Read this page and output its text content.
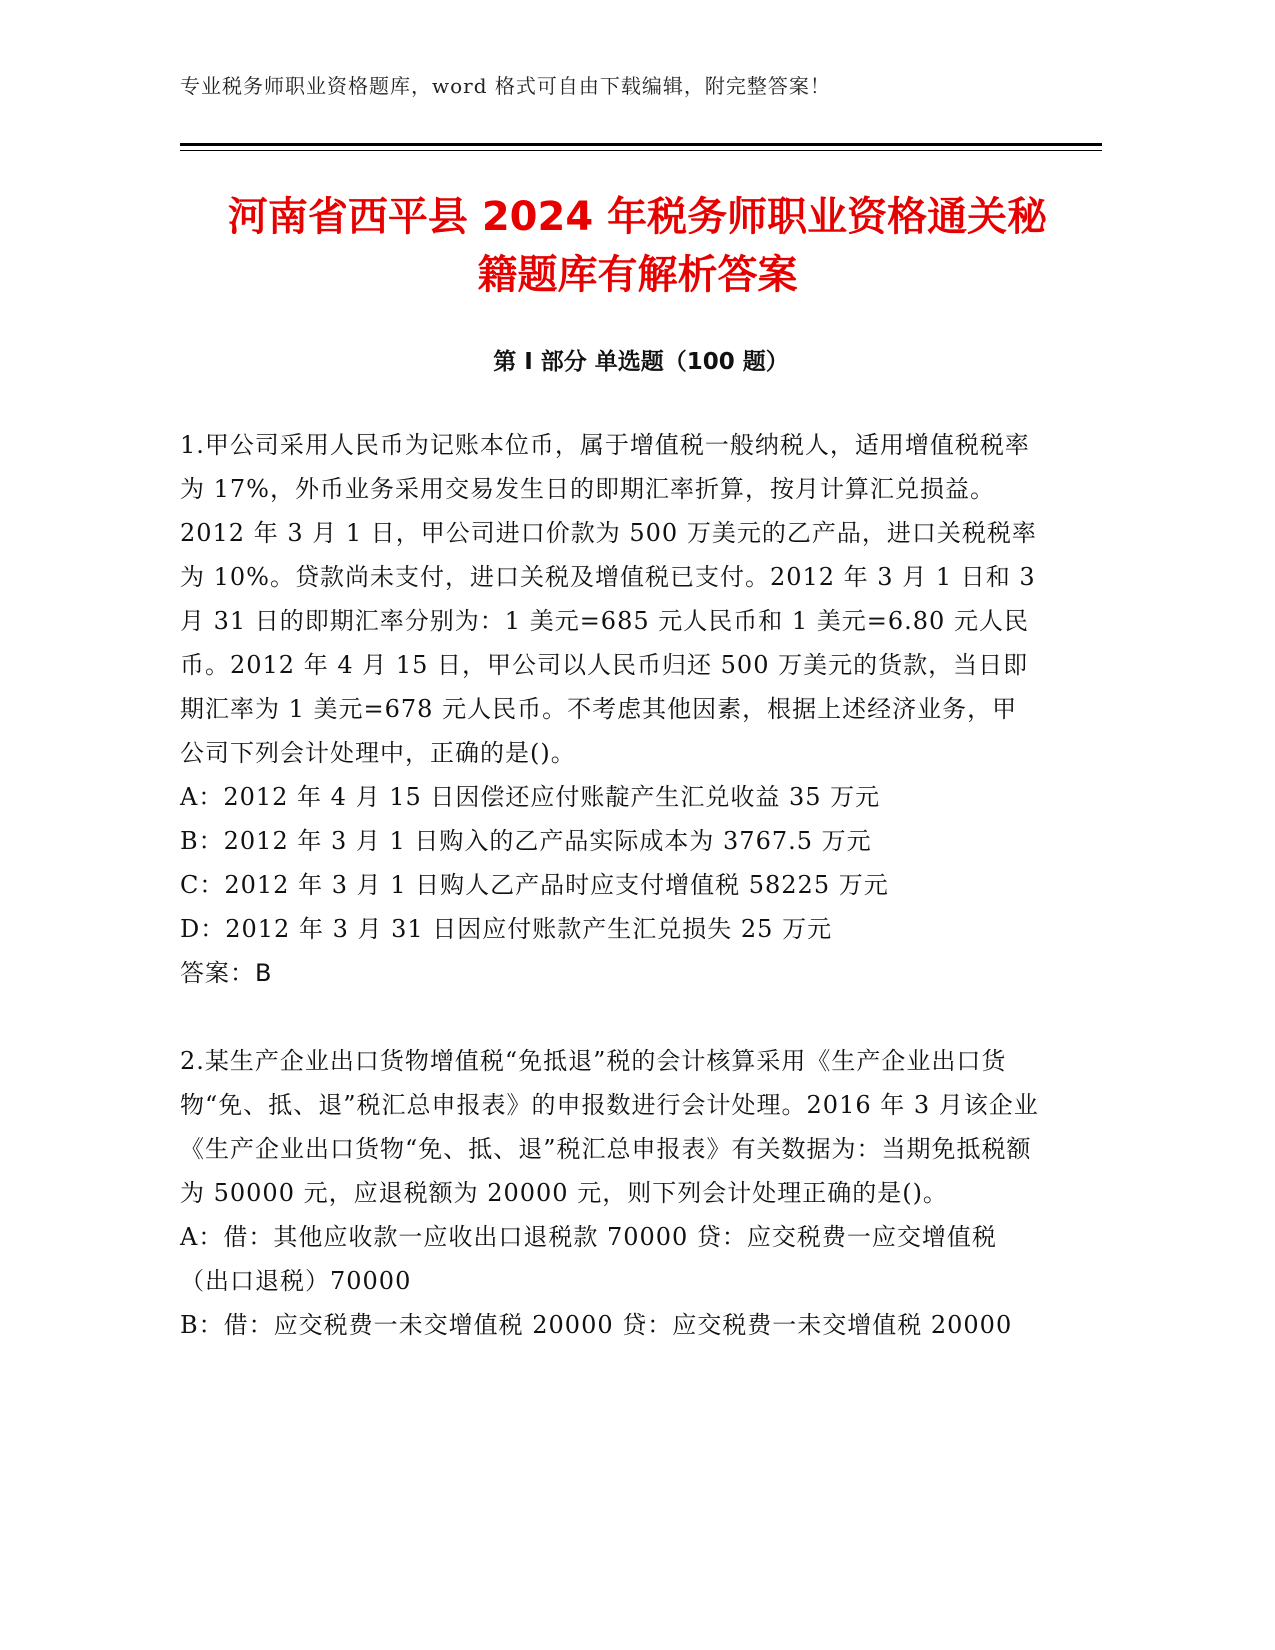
专业税务师职业资格题库，word 格式可自由下载编辑，附完整答案！
河南省西平县 2024 年税务师职业资格通关秘
籍题库有解析答案
第 I 部分 单选题（100 题）

1.甲公司采用人民币为记账本位币，属于增值税一般纳税人，适用增值税税率为 17%，外币业务采用交易发生日的即期汇率折算，按月计算汇兑损益。2012 年 3 月 1 日，甲公司进口价款为 500 万美元的乙产品，进口关税税率为 10%。贷款尚未支付，进口关税及增值税已支付。2012 年 3 月 1 日和 3 月 31 日的即期汇率分别为：1 美元=685 元人民币和 1 美元=6.80 元人民币。2012 年 4 月 15 日，甲公司以人民币归还 500 万美元的货款，当日即期汇率为 1 美元=678 元人民币。不考虑其他因素，根据上述经济业务，甲公司下列会计处理中，正确的是()。

A：2012 年 4 月 15 日因偿还应付账靛产生汇兑收益 35 万元

B：2012 年 3 月 1 日购入的乙产品实际成本为 3767.5 万元

C：2012 年 3 月 1 日购人乙产品时应支付增值税 58225 万元

D：2012 年 3 月 31 日因应付账款产生汇兑损失 25 万元

答案：B

2.某生产企业出口货物增值税“免抵退”税的会计核算采用《生产企业出口货物“免、抵、退”税汇总申报表》的申报数进行会计处理。2016 年 3 月该企业《生产企业出口货物“免、抵、退”税汇总申报表》有关数据为：当期免抵税额为 50000 元，应退税额为 20000 元，则下列会计处理正确的是()。

A：借：其他应收款一应收出口退税款 70000 贷：应交税费一应交增值税（出口退税）70000

B：借：应交税费一未交增值税 20000 贷：应交税费一未交增值税 20000
